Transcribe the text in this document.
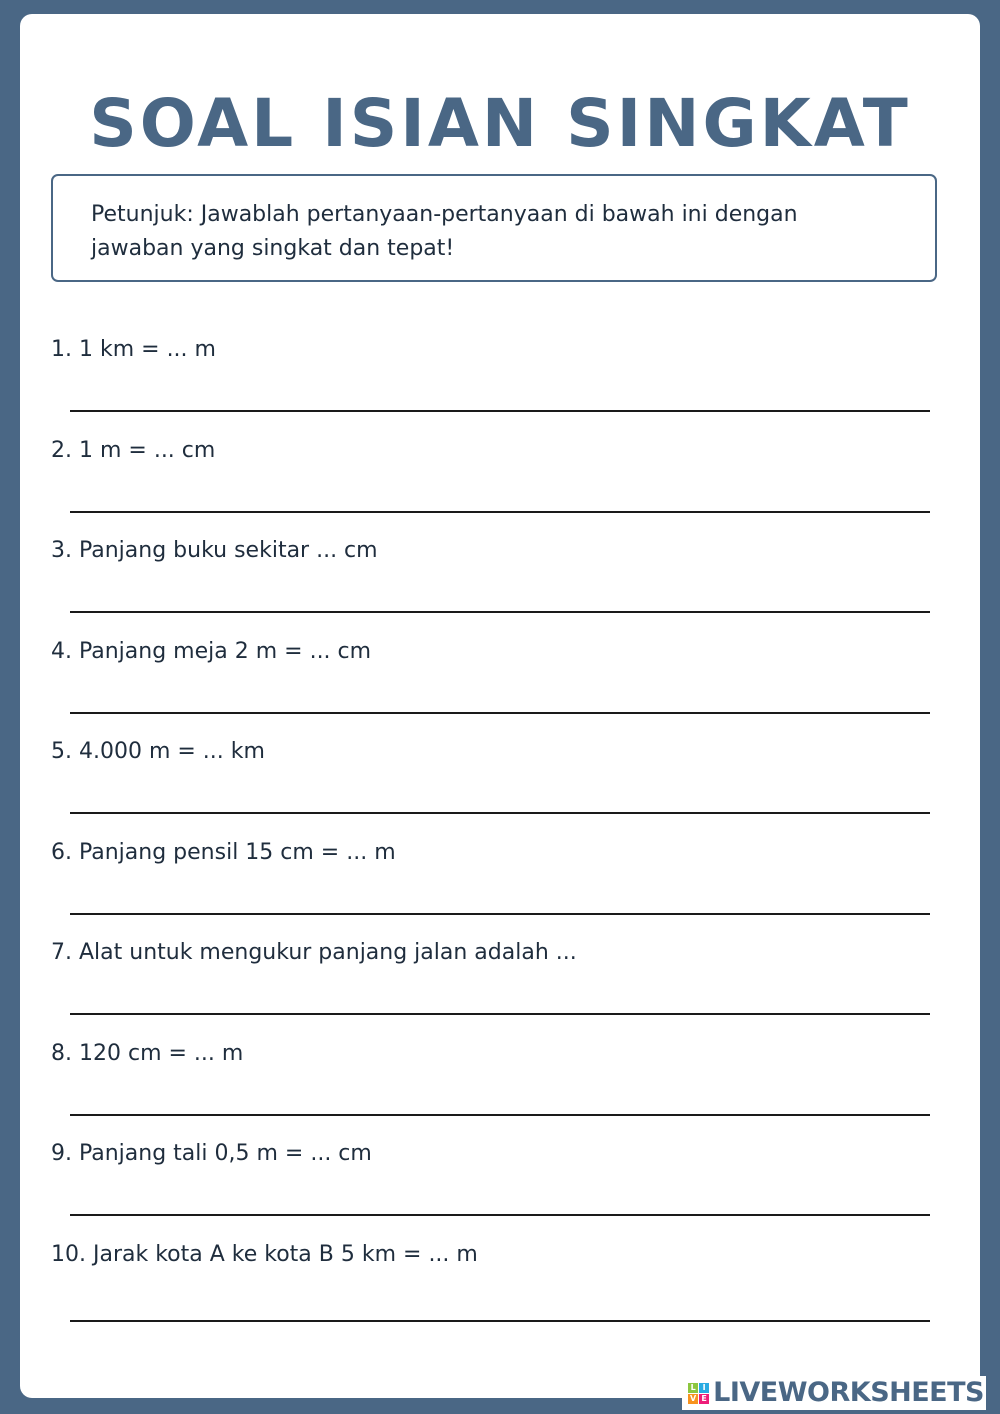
SOAL ISIAN SINGKAT
Petunjuk: Jawablah pertanyaan-pertanyaan di bawah ini dengan jawaban yang singkat dan tepat!
1. 1 km = ... m
2. 1 m = ... cm
3. Panjang buku sekitar ... cm
4. Panjang meja 2 m = ... cm
5. 4.000 m = ... km
6. Panjang pensil 15 cm = ... m
7. Alat untuk mengukur panjang jalan adalah ...
8. 120 cm = ... m
9. Panjang tali 0,5 m = ... cm
10. Jarak kota A ke kota B 5 km = ... m
L I
V E LIVEWORKSHEETS
